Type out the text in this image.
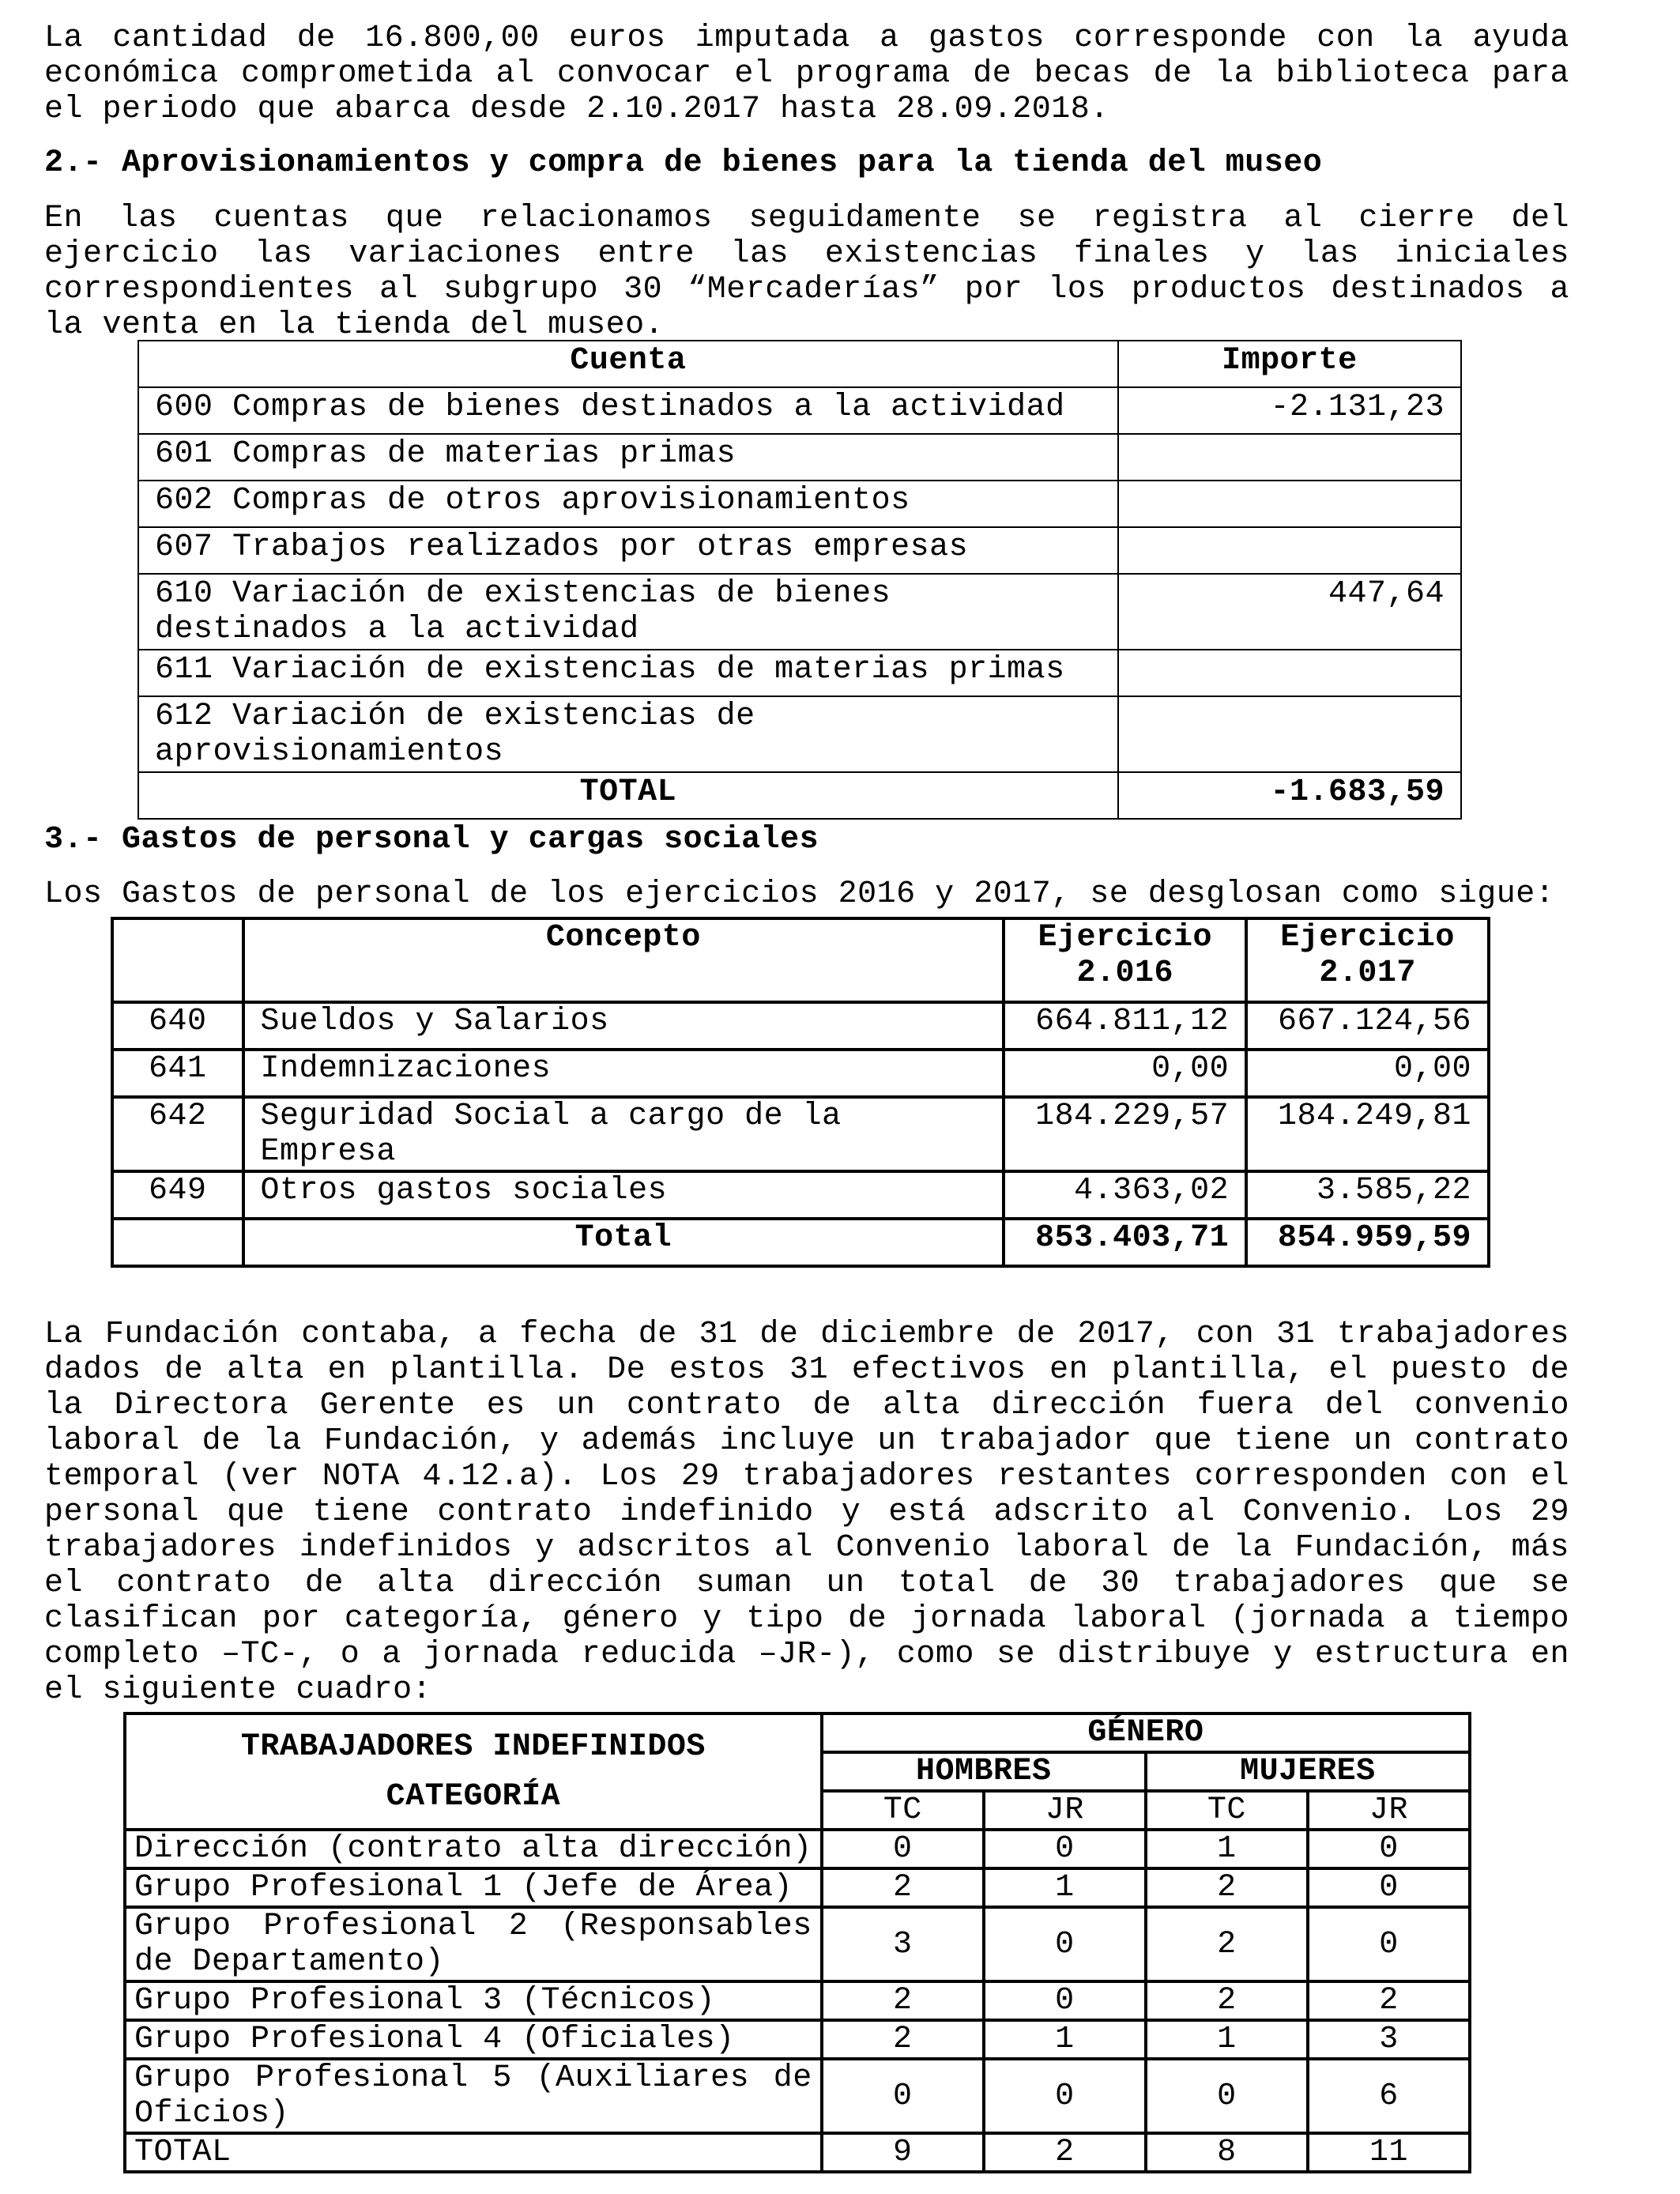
La cantidad de 16.800,00 euros imputada a gastos corresponde con la ayuda económica comprometida al convocar el programa de becas de la biblioteca para el periodo que abarca desde 2.10.2017 hasta 28.09.2018.

2.- Aprovisionamientos y compra de bienes para la tienda del museo

En las cuentas que relacionamos seguidamente se registra al cierre del ejercicio las variaciones entre las existencias finales y las iniciales correspondientes al subgrupo 30 “Mercaderías” por los productos destinados a la venta en la tienda del museo.

3.- Gastos de personal y cargas sociales

Los Gastos de personal de los ejercicios 2016 y 2017, se desglosan como sigue:

La Fundación contaba, a fecha de 31 de diciembre de 2017, con 31 trabajadores dados de alta en plantilla. De estos 31 efectivos en plantilla, el puesto de la Directora Gerente es un contrato de alta dirección fuera del convenio laboral de la Fundación, y además incluye un trabajador que tiene un contrato temporal (ver NOTA 4.12.a). Los 29 trabajadores restantes corresponden con el personal que tiene contrato indefinido y está adscrito al Convenio. Los 29 trabajadores indefinidos y adscritos al Convenio laboral de la Fundación, más el contrato de alta dirección suman un total de 30 trabajadores que se clasifican por categoría, género y tipo de jornada laboral (jornada a tiempo completo –TC-, o a jornada reducida –JR-), como se distribuye y estructura en el siguiente cuadro:

Cuenta	Importe
600 Compras de bienes destinados a la actividad	-2.131,23
601 Compras de materias primas	
602 Compras de otros aprovisionamientos	
607 Trabajos realizados por otras empresas	
610 Variación de existencias de bienes destinados a la actividad	447,64
611 Variación de existencias de materias primas	
612 Variación de existencias de aprovisionamientos	
TOTAL	-1.683,59
	Concepto	Ejercicio 2.016	Ejercicio 2.017
640	Sueldos y Salarios	664.811,12	667.124,56
641	Indemnizaciones	0,00	0,00
642	Seguridad Social a cargo de la Empresa	184.229,57	184.249,81
649	Otros gastos sociales	4.363,02	3.585,22
	Total	853.403,71	854.959,59
TRABAJADORES INDEFINIDOS
CATEGORÍA	GÉNERO			
	HOMBRES		MUJERES	
	TC	JR	TC	JR
Dirección (contrato alta dirección)	0	0	1	0
Grupo Profesional 1 (Jefe de Área)	2	1	2	0
Grupo Profesional 2 (Responsables de Departamento)	3	0	2	0
Grupo Profesional 3 (Técnicos)	2	0	2	2
Grupo Profesional 4 (Oficiales)	2	1	1	3
Grupo Profesional 5 (Auxiliares de Oficios)	0	0	0	6
TOTAL	9	2	8	11
